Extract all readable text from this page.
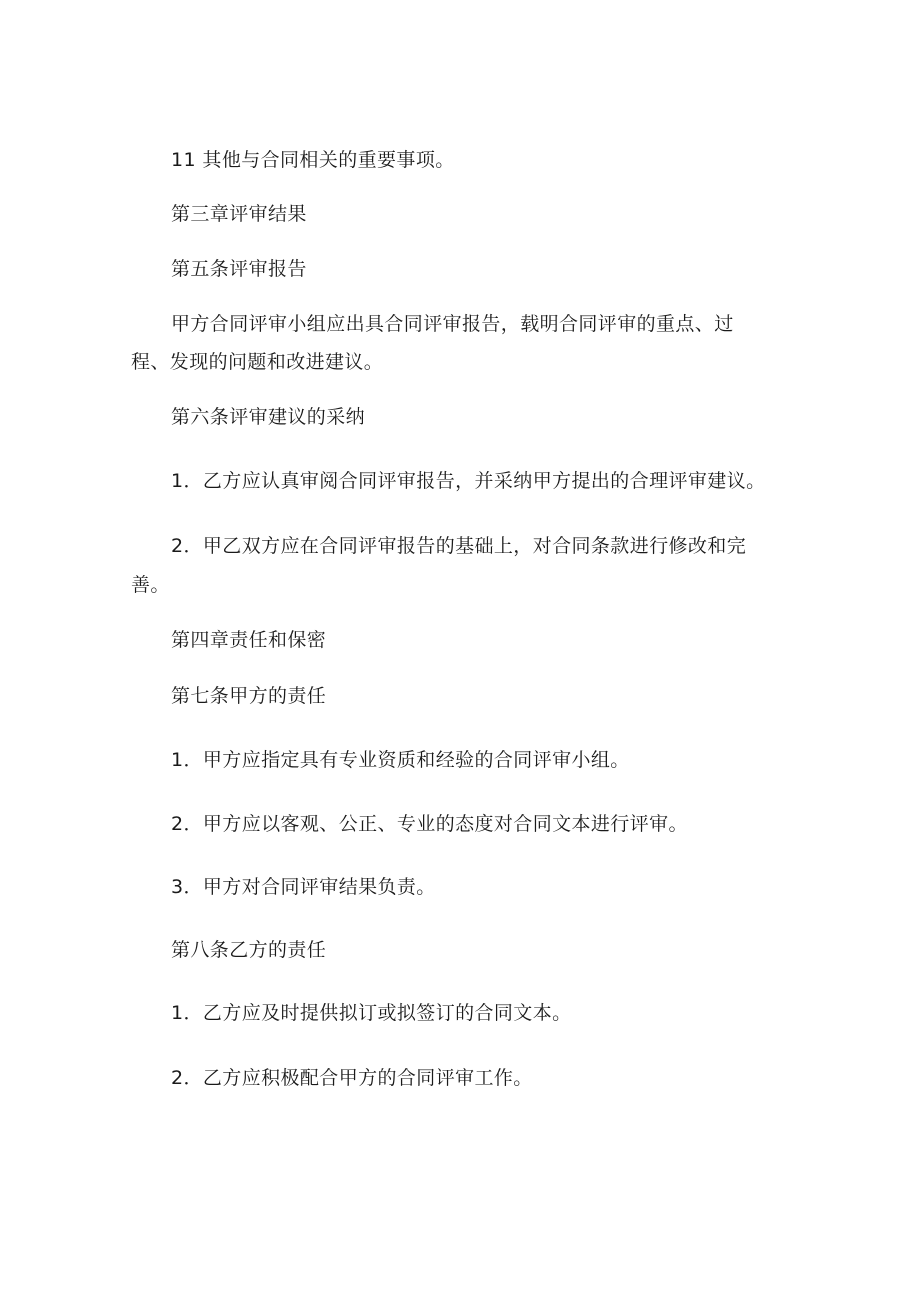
11 其他与合同相关的重要事项。
第三章评审结果
第五条评审报告
甲方合同评审小组应出具合同评审报告，载明合同评审的重点、过
程、发现的问题和改进建议。
第六条评审建议的采纳
1．乙方应认真审阅合同评审报告，并采纳甲方提出的合理评审建议。
2．甲乙双方应在合同评审报告的基础上，对合同条款进行修改和完
善。
第四章责任和保密
第七条甲方的责任
1．甲方应指定具有专业资质和经验的合同评审小组。
2．甲方应以客观、公正、专业的态度对合同文本进行评审。
3．甲方对合同评审结果负责。
第八条乙方的责任
1．乙方应及时提供拟订或拟签订的合同文本。
2．乙方应积极配合甲方的合同评审工作。
